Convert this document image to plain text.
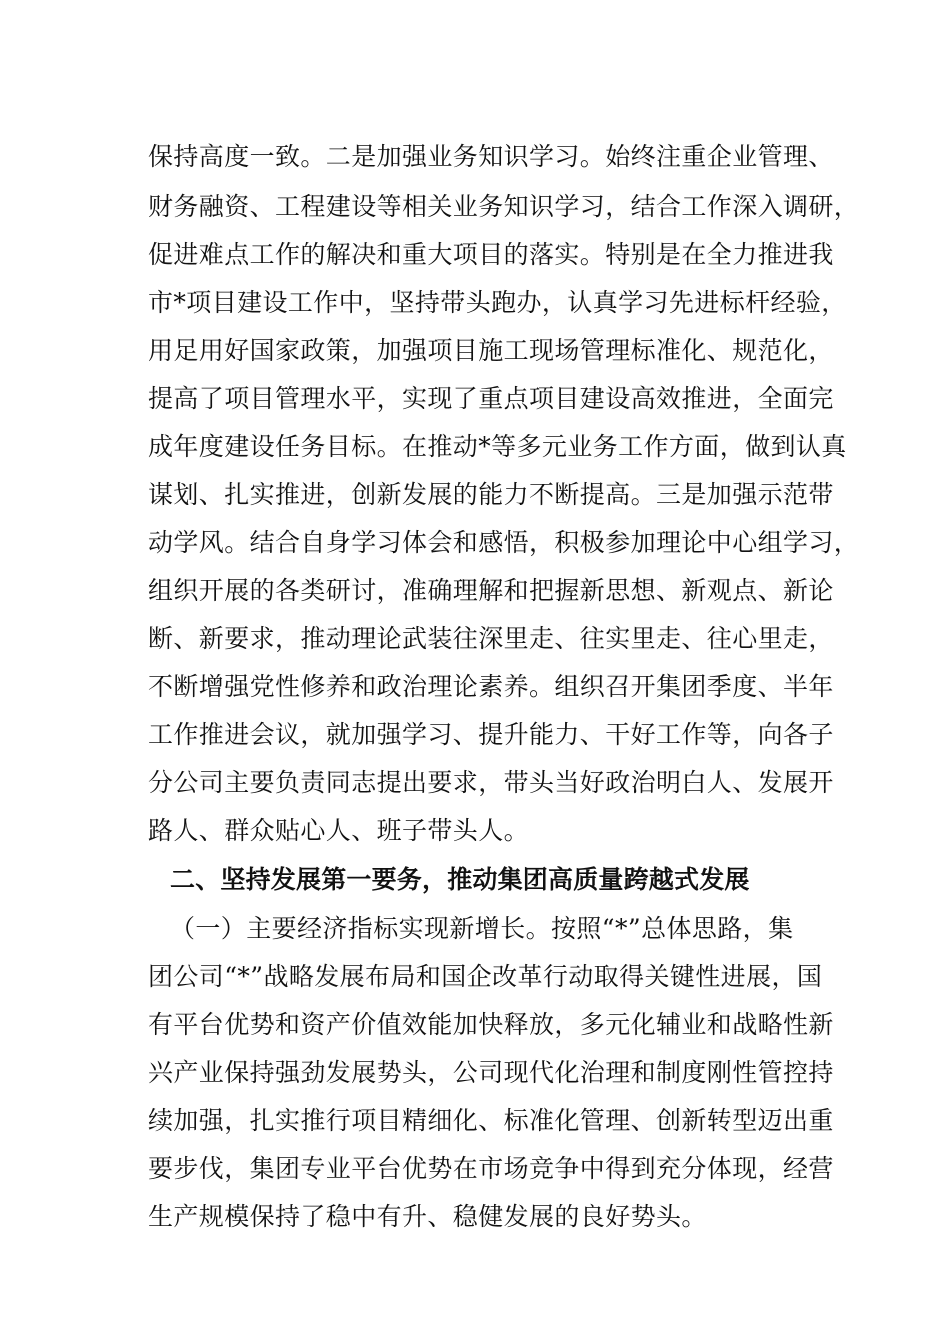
保持高度一致。二是加强业务知识学习。始终注重企业管理、
财务融资、工程建设等相关业务知识学习，结合工作深入调研，
促进难点工作的解决和重大项目的落实。特别是在全力推进我
市*项目建设工作中，坚持带头跑办，认真学习先进标杆经验，
用足用好国家政策，加强项目施工现场管理标准化、规范化，
提高了项目管理水平，实现了重点项目建设高效推进，全面完
成年度建设任务目标。在推动*等多元业务工作方面，做到认真
谋划、扎实推进，创新发展的能力不断提高。三是加强示范带
动学风。结合自身学习体会和感悟，积极参加理论中心组学习，
组织开展的各类研讨，准确理解和把握新思想、新观点、新论
断、新要求，推动理论武装往深里走、往实里走、往心里走，
不断增强党性修养和政治理论素养。组织召开集团季度、半年
工作推进会议，就加强学习、提升能力、干好工作等，向各子
分公司主要负责同志提出要求，带头当好政治明白人、发展开
路人、群众贴心人、班子带头人。
二、坚持发展第一要务，推动集团高质量跨越式发展
（一）主要经济指标实现新增长。按照“*”总体思路，集
团公司“*”战略发展布局和国企改革行动取得关键性进展，国
有平台优势和资产价值效能加快释放，多元化辅业和战略性新
兴产业保持强劲发展势头，公司现代化治理和制度刚性管控持
续加强，扎实推行项目精细化、标准化管理、创新转型迈出重
要步伐，集团专业平台优势在市场竞争中得到充分体现，经营
生产规模保持了稳中有升、稳健发展的良好势头。
